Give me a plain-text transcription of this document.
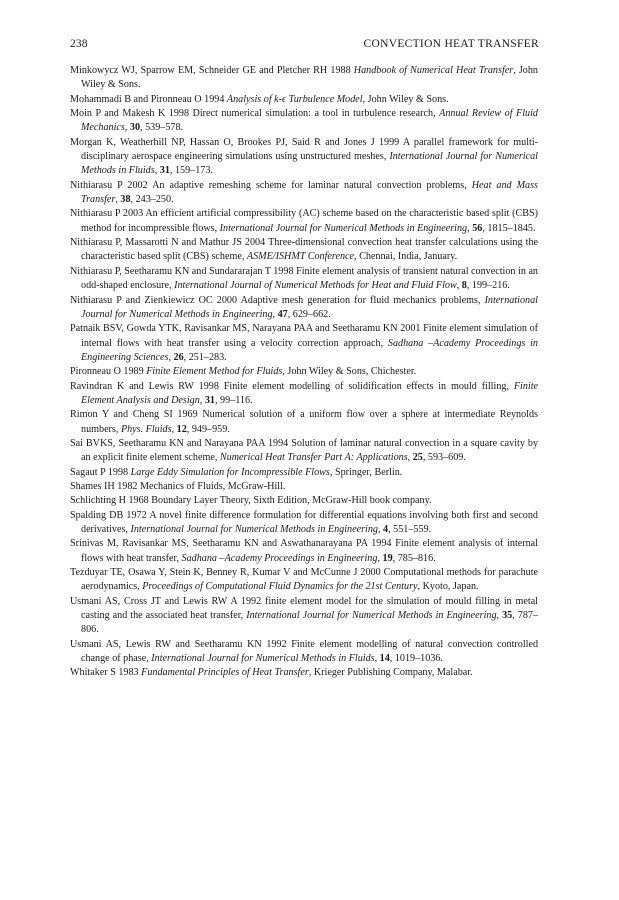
238	CONVECTION HEAT TRANSFER
Minkowycz WJ, Sparrow EM, Schneider GE and Pletcher RH 1988 Handbook of Numerical Heat Transfer, John Wiley & Sons.
Mohammadi B and Pironneau O 1994 Analysis of k-ϵ Turbulence Model, John Wiley & Sons.
Moin P and Makesh K 1998 Direct numerical simulation: a tool in turbulence research, Annual Review of Fluid Mechanics, 30, 539–578.
Morgan K, Weatherhill NP, Hassan O, Brookes PJ, Said R and Jones J 1999 A parallel framework for multi-disciplinary aerospace engineering simulations using unstructured meshes, International Journal for Numerical Methods in Fluids, 31, 159–173.
Nithiarasu P 2002 An adaptive remeshing scheme for laminar natural convection problems, Heat and Mass Transfer, 38, 243–250.
Nithiarasu P 2003 An efficient artificial compressibility (AC) scheme based on the characteristic based split (CBS) method for incompressible flows, International Journal for Numerical Methods in Engineering, 56, 1815–1845.
Nithiarasu P, Massarotti N and Mathur JS 2004 Three-dimensional convection heat transfer calculations using the characteristic based split (CBS) scheme, ASME/ISHMT Conference, Chennai, India, January.
Nithiarasu P, Seetharamu KN and Sundararajan T 1998 Finite element analysis of transient natural convection in an odd-shaped enclosure, International Journal of Numerical Methods for Heat and Fluid Flow, 8, 199–216.
Nithiarasu P and Zienkiewicz OC 2000 Adaptive mesh generation for fluid mechanics problems, International Journal for Numerical Methods in Engineering, 47, 629–662.
Patnaik BSV, Gowda YTK, Ravisankar MS, Narayana PAA and Seetharamu KN 2001 Finite element simulation of internal flows with heat transfer using a velocity correction approach, Sadhana –Academy Proceedings in Engineering Sciences, 26, 251–283.
Pironneau O 1989 Finite Element Method for Fluids, John Wiley & Sons, Chichester.
Ravindran K and Lewis RW 1998 Finite element modelling of solidification effects in mould filling, Finite Element Analysis and Design, 31, 99–116.
Rimon Y and Cheng SI 1969 Numerical solution of a uniform flow over a sphere at intermediate Reynolds numbers, Phys. Fluids, 12, 949–959.
Sai BVKS, Seetharamu KN and Narayana PAA 1994 Solution of laminar natural convection in a square cavity by an explicit finite element scheme, Numerical Heat Transfer Part A: Applications, 25, 593–609.
Sagaut P 1998 Large Eddy Simulation for Incompressible Flows, Springer, Berlin.
Shames IH 1982 Mechanics of Fluids, McGraw-Hill.
Schlichting H 1968 Boundary Layer Theory, Sixth Edition, McGraw-Hill book company.
Spalding DB 1972 A novel finite difference formulation for differential equations involving both first and second derivatives, International Journal for Numerical Methods in Engineering, 4, 551–559.
Srinivas M, Ravisankar MS, Seetharamu KN and Aswathanarayana PA 1994 Finite element analysis of internal flows with heat transfer, Sadhana –Academy Proceedings in Engineering, 19, 785–816.
Tezduyar TE, Osawa Y, Stein K, Benney R, Kumar V and McCunne J 2000 Computational methods for parachute aerodynamics, Proceedings of Computational Fluid Dynamics for the 21st Century, Kyoto, Japan.
Usmani AS, Cross JT and Lewis RW A 1992 finite element model for the simulation of mould filling in metal casting and the associated heat transfer, International Journal for Numerical Methods in Engineering, 35, 787–806.
Usmani AS, Lewis RW and Seetharamu KN 1992 Finite element modelling of natural convection controlled change of phase, International Journal for Numerical Methods in Fluids, 14, 1019–1036.
Whitaker S 1983 Fundamental Principles of Heat Transfer, Krieger Publishing Company, Malabar.
